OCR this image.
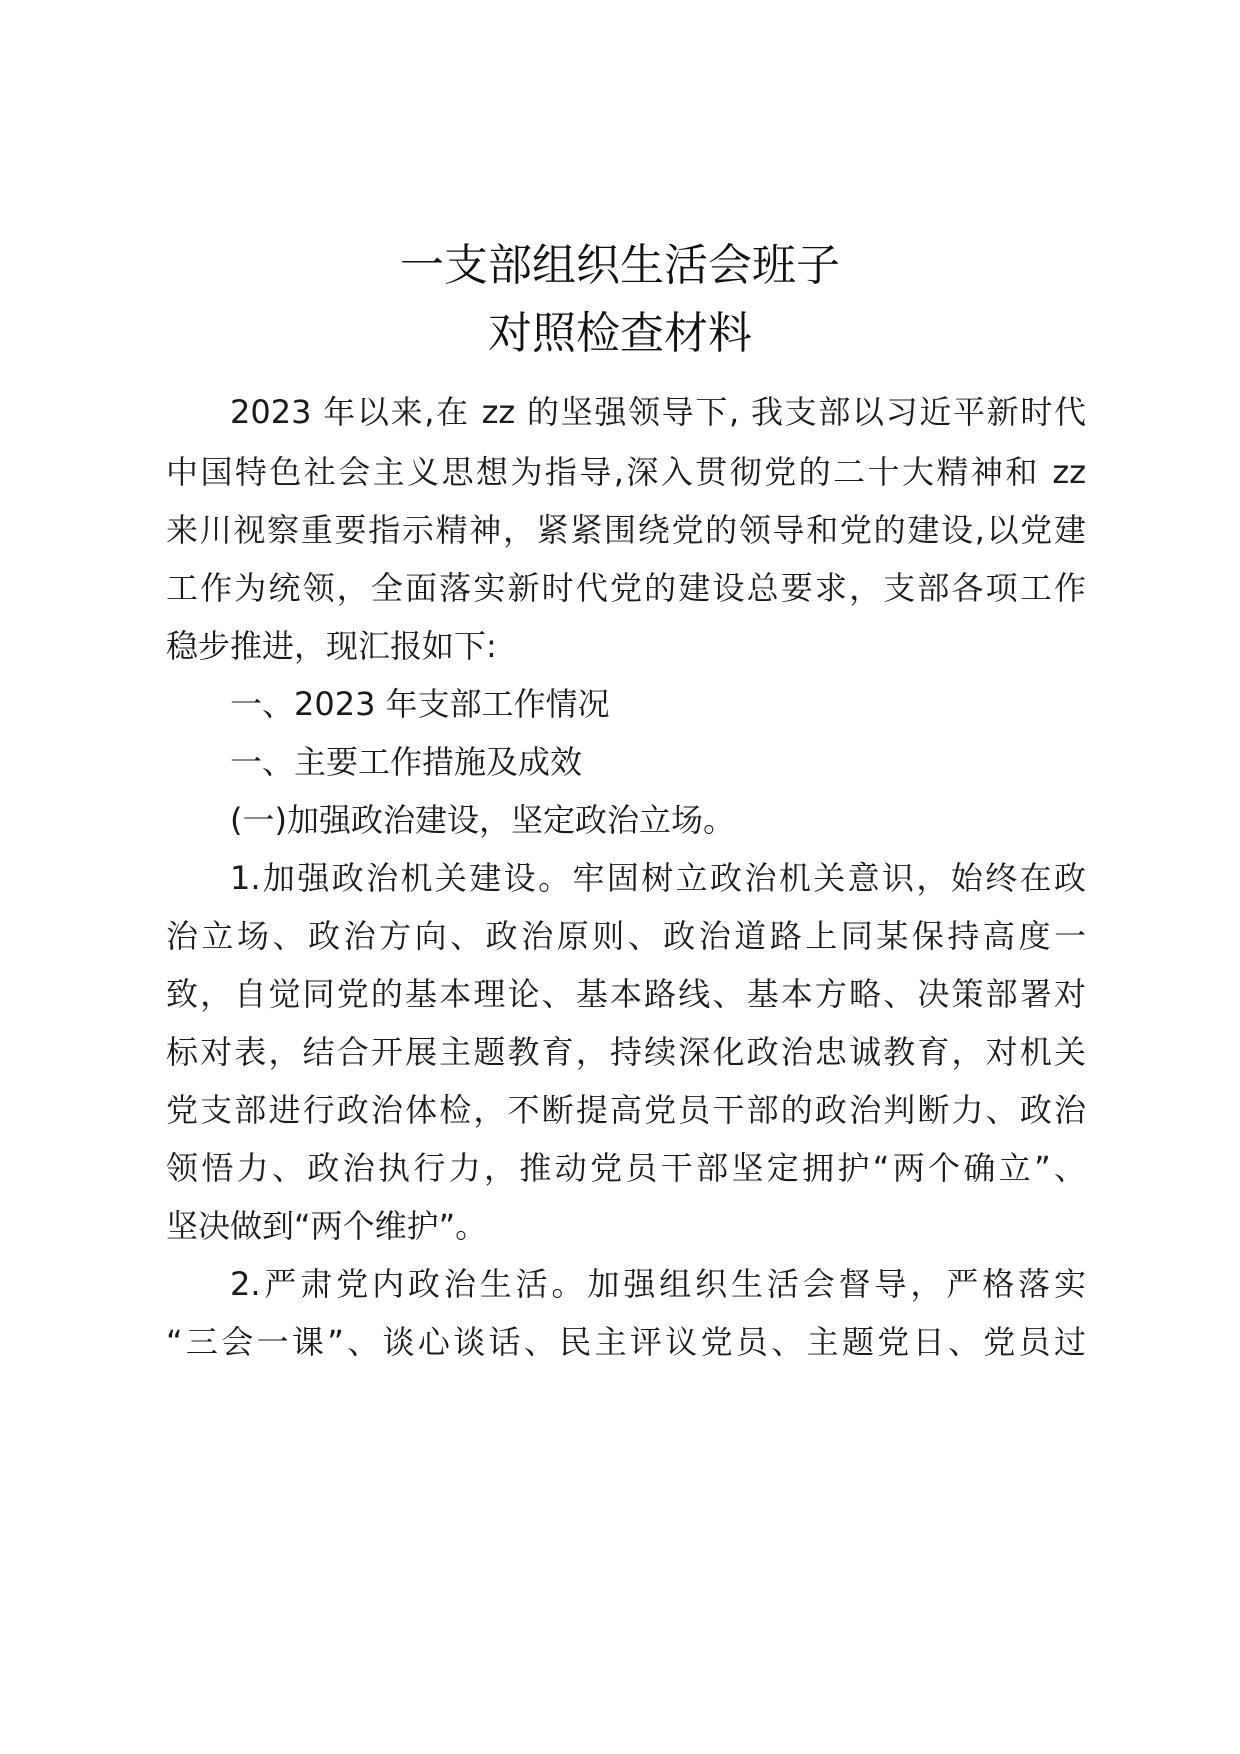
一支部组织生活会班子
对照检查材料
2023 年以来,在 zz 的坚强领导下, 我支部以习近平新时代
中国特色社会主义思想为指导,深入贯彻党的二十大精神和 zz
来川视察重要指示精神，紧紧围绕党的领导和党的建设,以党建
工作为统领，全面落实新时代党的建设总要求，支部各项工作
稳步推进，现汇报如下:
一、2023 年支部工作情况
一、主要工作措施及成效
(一)加强政治建设，坚定政治立场。
1.加强政治机关建设。牢固树立政治机关意识，始终在政
治立场、政治方向、政治原则、政治道路上同某保持高度一
致，自觉同党的基本理论、基本路线、基本方略、决策部署对
标对表，结合开展主题教育，持续深化政治忠诚教育，对机关
党支部进行政治体检，不断提高党员干部的政治判断力、政治
领悟力、政治执行力，推动党员干部坚定拥护“两个确立”、
坚决做到“两个维护”。
2.严肃党内政治生活。加强组织生活会督导，严格落实
“三会一课”、谈心谈话、民主评议党员、主题党日、党员过
